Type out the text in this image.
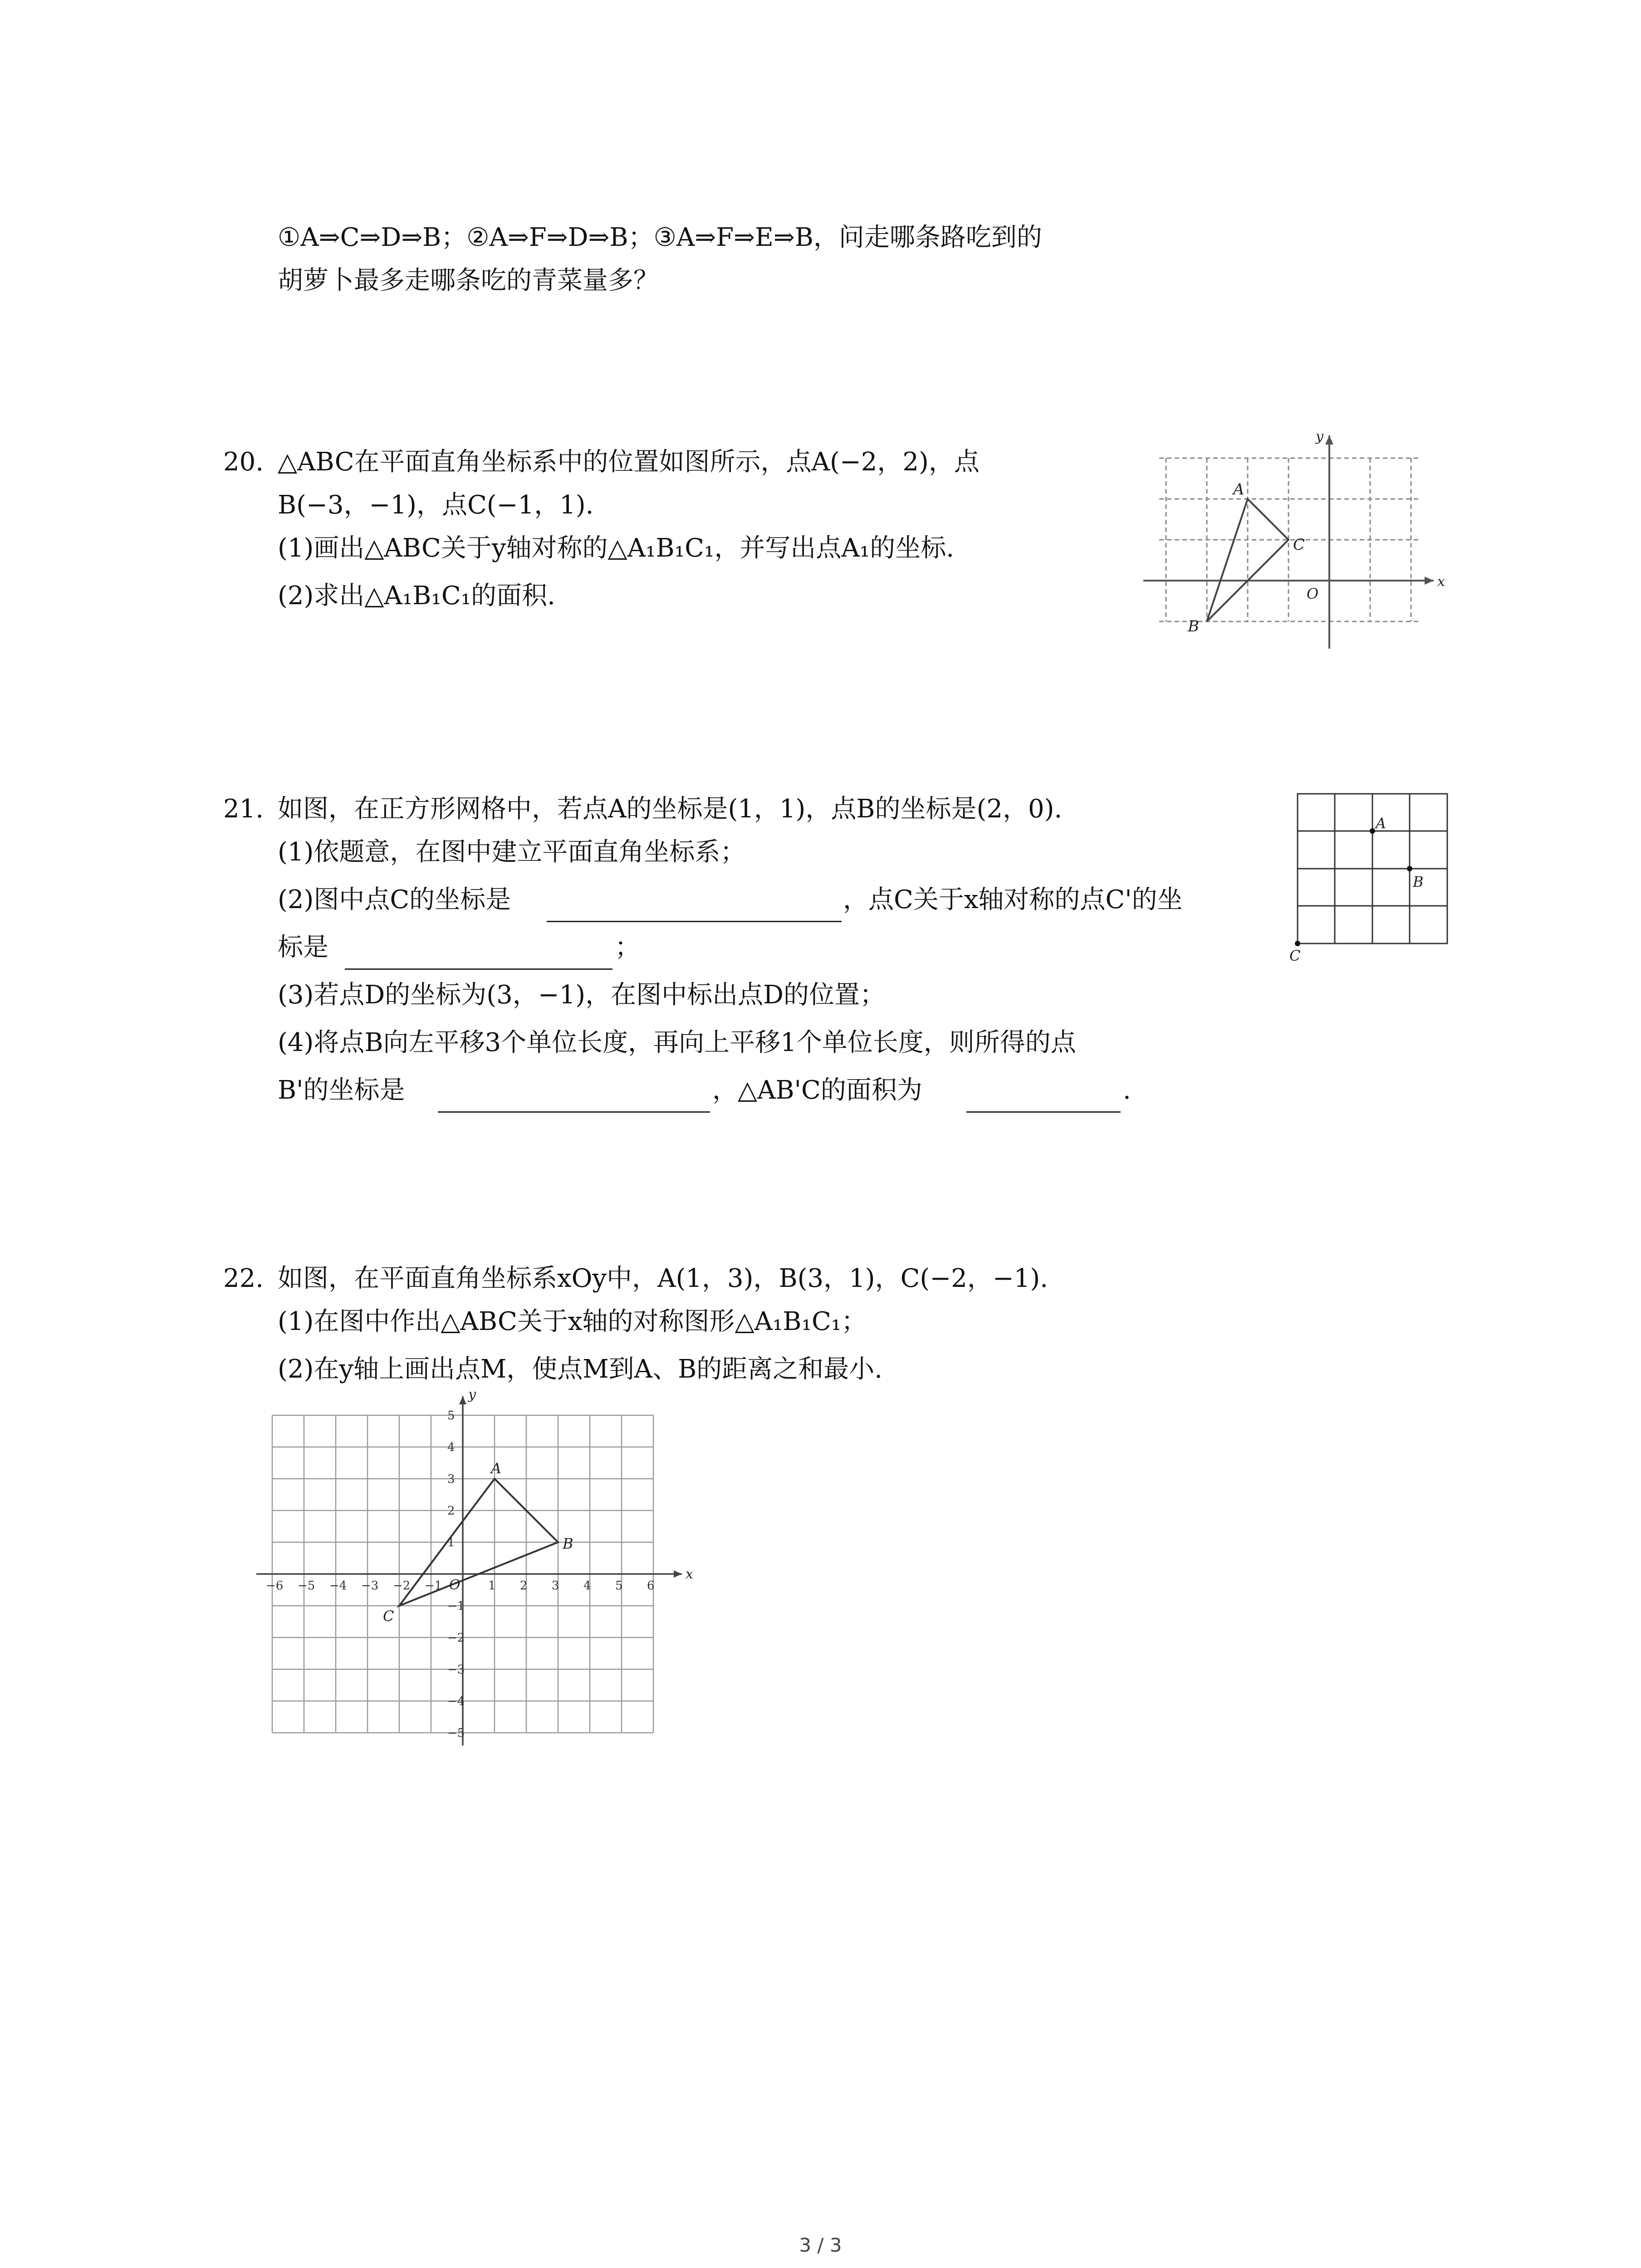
①A⇒C⇒D⇒B；②A⇒F⇒D⇒B；③A⇒F⇒E⇒B，问走哪条路吃到的
胡萝卜最多走哪条吃的青菜量多？
20. △ABC在平面直角坐标系中的位置如图所示，点A(−2，2)，点
B(−3，−1)，点C(−1，1).
(1)画出△ABC关于y轴对称的△A₁B₁C₁，并写出点A₁的坐标.
(2)求出△A₁B₁C₁的面积.
A
B
C
O
x
y
21. 如图，在正方形网格中，若点A的坐标是(1，1)，点B的坐标是(2，0).
(1)依题意，在图中建立平面直角坐标系；
(2)图中点C的坐标是	，点C关于x轴对称的点C'的坐
标是	；
(3)若点D的坐标为(3，−1)，在图中标出点D的位置；
(4)将点B向左平移3个单位长度，再向上平移1个单位长度，则所得的点
B'的坐标是	，△AB'C的面积为	.
A
B
C
22. 如图，在平面直角坐标系xOy中，A(1，3)，B(3，1)，C(−2，−1).
(1)在图中作出△ABC关于x轴的对称图形△A₁B₁C₁；
(2)在y轴上画出点M，使点M到A、B的距离之和最小.
−6 −5 −4 −3 −2 −1	1 2 3 4 5 6
5
4
3
2
1
−1
−2
−3
−4
−5
A
B
C
O
x
y
3 / 3
